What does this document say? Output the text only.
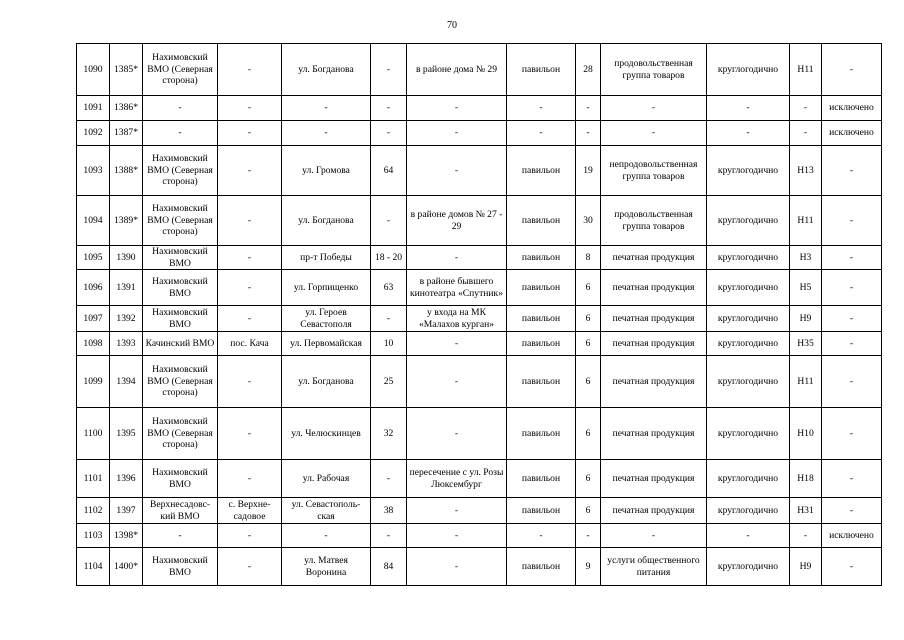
70
1090	1385*	Нахимовский ВМО (Северная сторона)	-	ул. Богданова	-	в районе дома № 29	павильон	28	продовольственная группа товаров	круглогодично	Н11	-
1091	1386*	-	-	-	-	-	-	-	-	-	-	исключено
1092	1387*	-	-	-	-	-	-	-	-	-	-	исключено
1093	1388*	Нахимовский ВМО (Северная сторона)	-	ул. Громова	64	-	павильон	19	непродовольственная группа товаров	круглогодично	Н13	-
1094	1389*	Нахимовский ВМО (Северная сторона)	-	ул. Богданова	-	в районе домов № 27 - 29	павильон	30	продовольственная группа товаров	круглогодично	Н11	-
1095	1390	Нахимовский ВМО	-	пр-т Победы	18 - 20	-	павильон	8	печатная продукция	круглогодично	Н3	-
1096	1391	Нахимовский ВМО	-	ул. Горпищенко	63	в районе бывшего кинотеатра «Спутник»	павильон	6	печатная продукция	круглогодично	Н5	-
1097	1392	Нахимовский ВМО	-	ул. Героев Севастополя	-	у входа на МК «Малахов курган»	павильон	6	печатная продукция	круглогодично	Н9	-
1098	1393	Качинский ВМО	пос. Кача	ул. Первомайская	10	-	павильон	6	печатная продукция	круглогодично	Н35	-
1099	1394	Нахимовский ВМО (Северная сторона)	-	ул. Богданова	25	-	павильон	6	печатная продукция	круглогодично	Н11	-
1100	1395	Нахимовский ВМО (Северная сторона)	-	ул. Челюскинцев	32	-	павильон	6	печатная продукция	круглогодично	Н10	-
1101	1396	Нахимовский ВМО	-	ул. Рабочая	-	пересечение с ул. Розы Люксембург	павильон	6	печатная продукция	круглогодично	Н18	-
1102	1397	Верхнесадовс-кий ВМО	с. Верхне-садовое	ул. Севастополь-ская	38	-	павильон	6	печатная продукция	круглогодично	Н31	-
1103	1398*	-	-	-	-	-	-	-	-	-	-	исключено
1104	1400*	Нахимовский ВМО	-	ул. Матвея Воронина	84	-	павильон	9	услуги общественного питания	круглогодично	Н9	-
